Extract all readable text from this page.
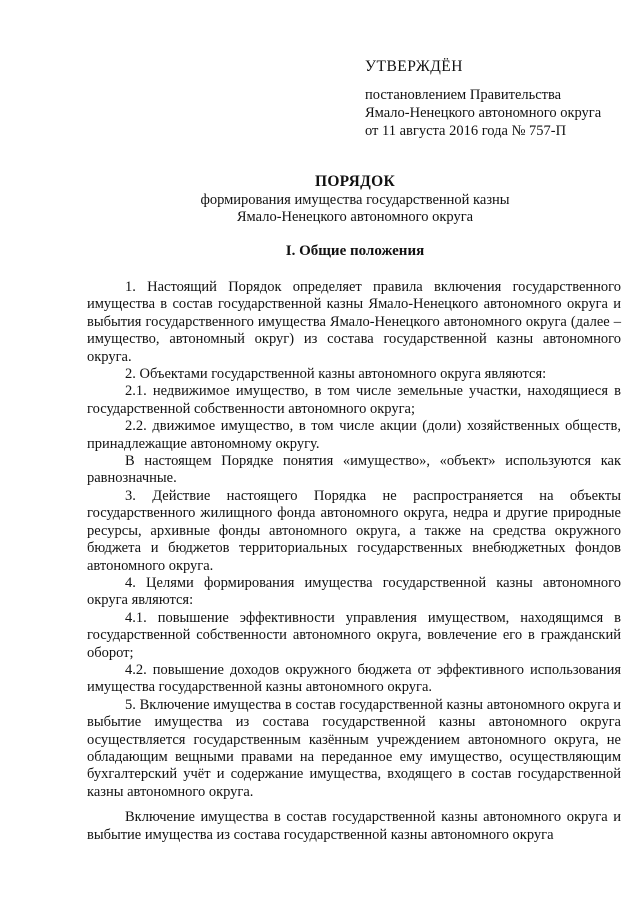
УТВЕРЖДЁН
постановлением Правительства
Ямало-Ненецкого автономного округа
от 11 августа 2016 года № 757-П
ПОРЯДОК
формирования имущества государственной казны
Ямало-Ненецкого автономного округа
I. Общие положения

1. Настоящий Порядок определяет правила включения государственного имущества в состав государственной казны Ямало-Ненецкого автономного округа и выбытия государственного имущества Ямало-Ненецкого автономного округа (далее – имущество, автономный округ) из состава государственной казны автономного округа.

2. Объектами государственной казны автономного округа являются:

2.1. недвижимое имущество, в том числе земельные участки, находящиеся в государственной собственности автономного округа;

2.2. движимое имущество, в том числе акции (доли) хозяйственных обществ, принадлежащие автономному округу.

В настоящем Порядке понятия «имущество», «объект» используются как равнозначные.

3. Действие настоящего Порядка не распространяется на объекты государственного жилищного фонда автономного округа, недра и другие природные ресурсы, архивные фонды автономного округа, а также на средства окружного бюджета и бюджетов территориальных государственных внебюджетных фондов автономного округа.

4. Целями формирования имущества государственной казны автономного округа являются:

4.1. повышение эффективности управления имуществом, находящимся в государственной собственности автономного округа, вовлечение его в гражданский оборот;

4.2. повышение доходов окружного бюджета от эффективного использования имущества государственной казны автономного округа.

5. Включение имущества в состав государственной казны автономного округа и выбытие имущества из состава государственной казны автономного округа осуществляется государственным казённым учреждением автономного округа, не обладающим вещными правами на переданное ему имущество, осуществляющим бухгалтерский учёт и содержание имущества, входящего в состав государственной казны автономного округа.

Включение имущества в состав государственной казны автономного округа и выбытие имущества из состава государственной казны автономного округа
